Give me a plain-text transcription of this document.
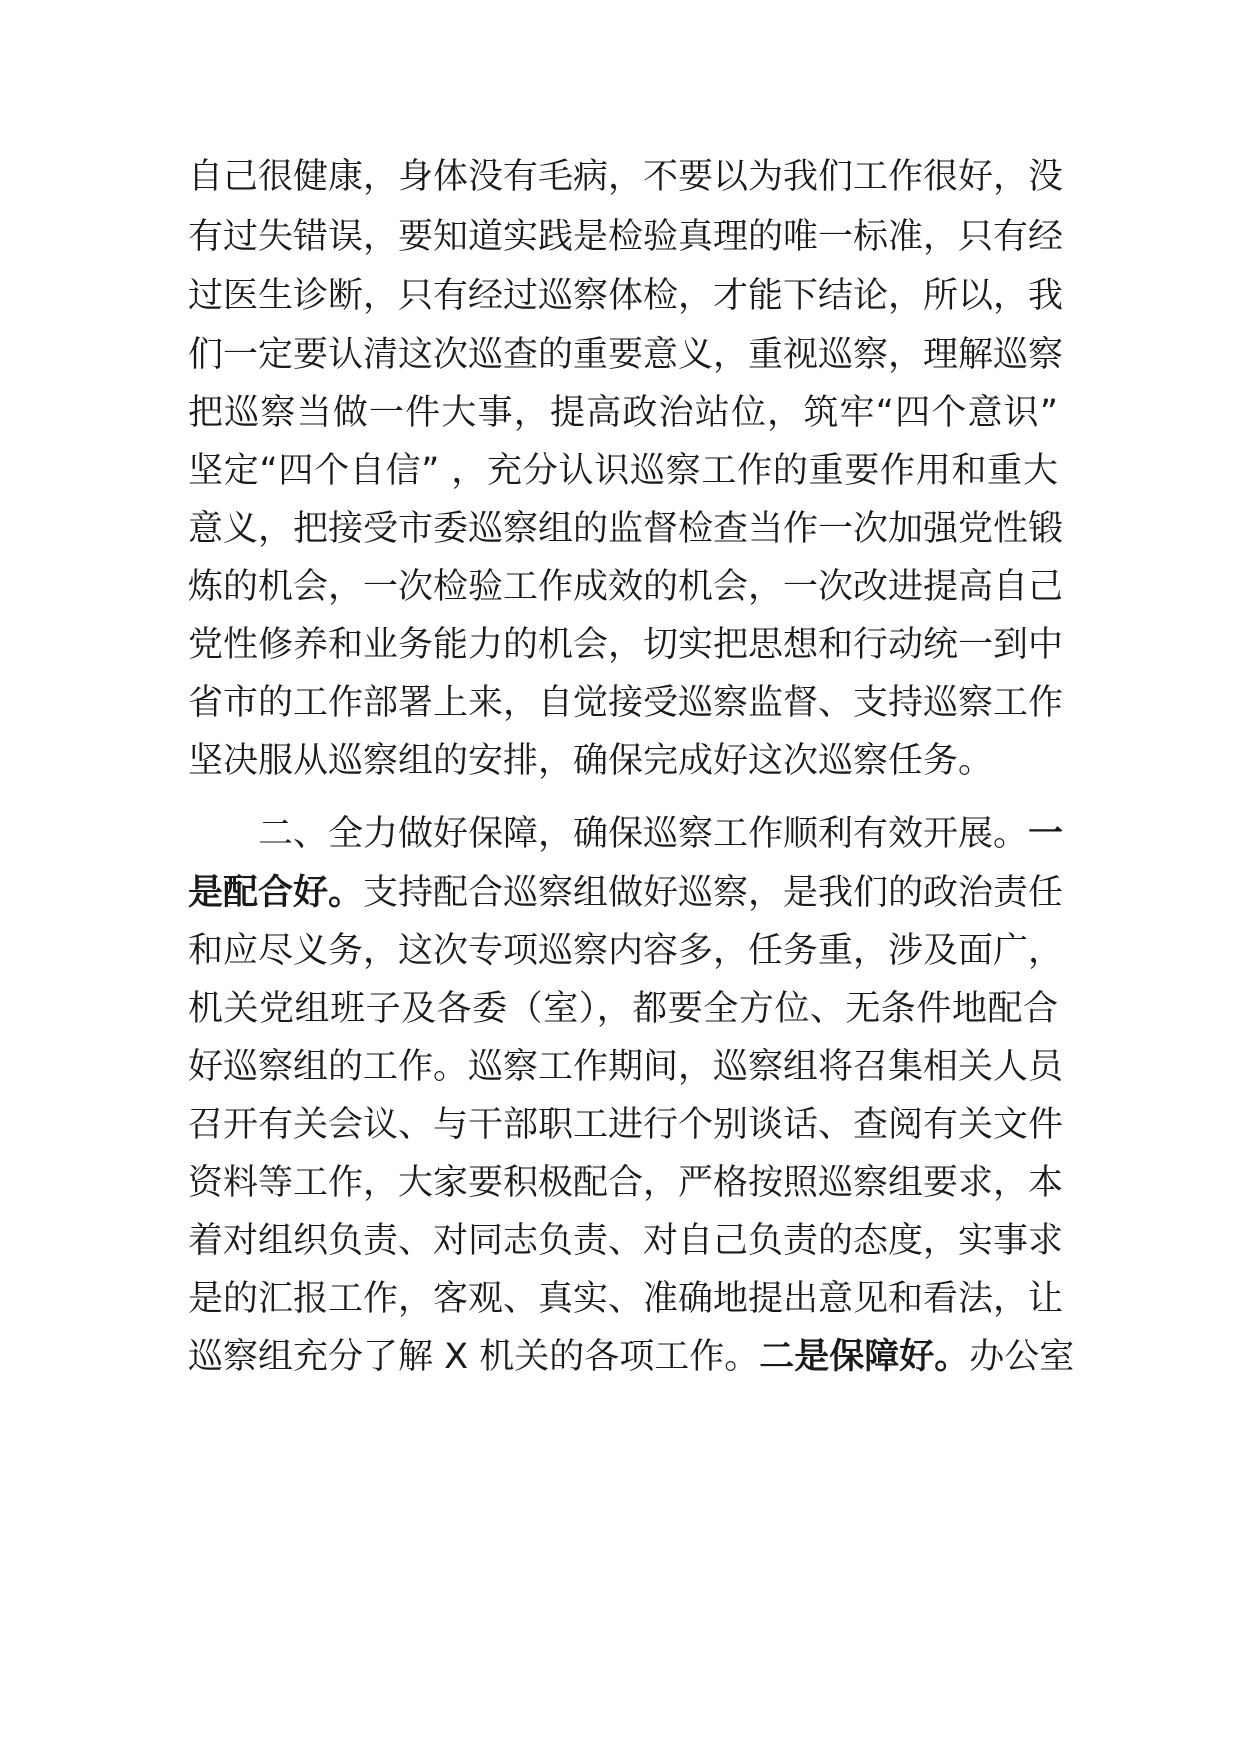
自己很健康，身体没有毛病，不要以为我们工作很好，没
有过失错误，要知道实践是检验真理的唯一标准，只有经
过医生诊断，只有经过巡察体检，才能下结论，所以，我
们一定要认清这次巡查的重要意义，重视巡察，理解巡察
把巡察当做一件大事，提高政治站位，筑牢“四个意识”
坚定“四个自信” ，充分认识巡察工作的重要作用和重大
意义，把接受市委巡察组的监督检查当作一次加强党性锻
炼的机会，一次检验工作成效的机会，一次改进提高自己
党性修养和业务能力的机会，切实把思想和行动统一到中
省市的工作部署上来，自觉接受巡察监督、支持巡察工作
坚决服从巡察组的安排，确保完成好这次巡察任务。
二、全力做好保障，确保巡察工作顺利有效开展。一
是配合好。支持配合巡察组做好巡察，是我们的政治责任
和应尽义务，这次专项巡察内容多，任务重，涉及面广，
机关党组班子及各委（室），都要全方位、无条件地配合
好巡察组的工作。巡察工作期间，巡察组将召集相关人员
召开有关会议、与干部职工进行个别谈话、查阅有关文件
资料等工作，大家要积极配合，严格按照巡察组要求，本
着对组织负责、对同志负责、对自己负责的态度，实事求
是的汇报工作，客观、真实、准确地提出意见和看法，让
巡察组充分了解 X 机关的各项工作。二是保障好。办公室
